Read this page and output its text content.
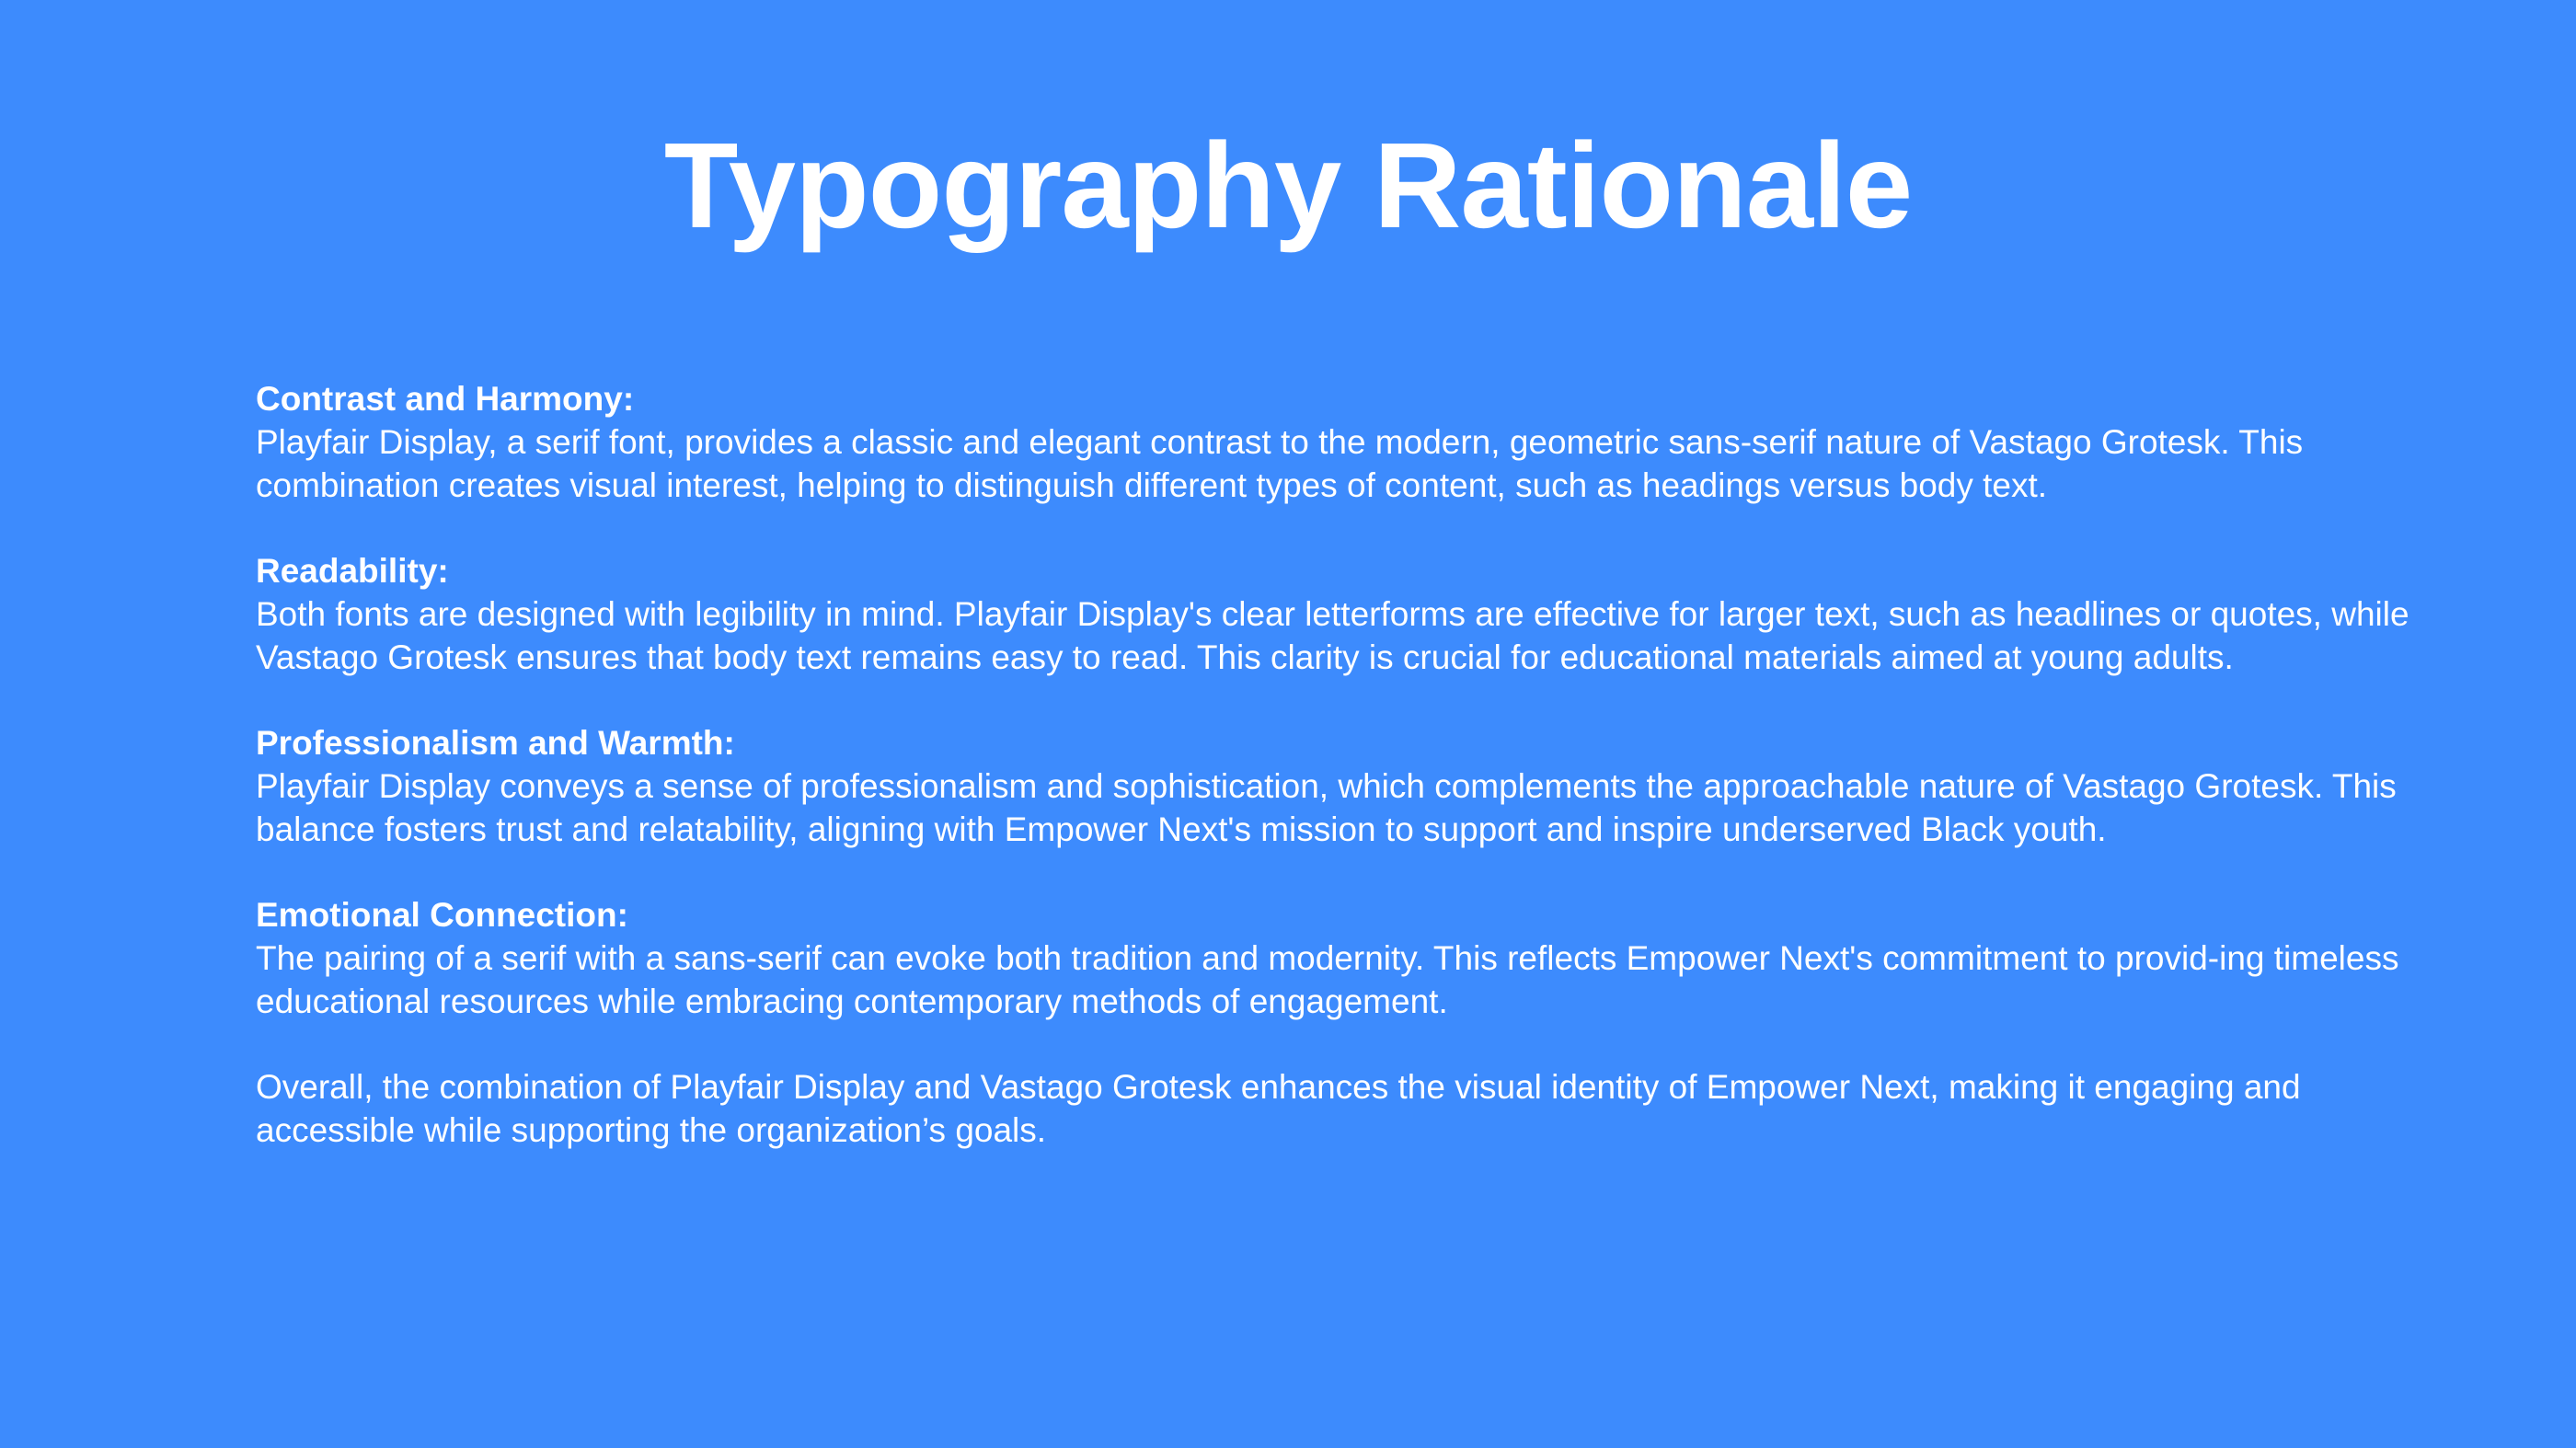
Typography Rationale
Contrast and Harmony:
Playfair Display, a serif font, provides a classic and elegant contrast to the modern, geometric sans-serif nature of Vastago Grotesk. This combination creates visual interest, helping to distinguish different types of content, such as headings versus body text.
Readability:
Both fonts are designed with legibility in mind. Playfair Display's clear letterforms are effective for larger text, such as headlines or quotes, while Vastago Grotesk ensures that body text remains easy to read. This clarity is crucial for educational materials aimed at young adults.
Professionalism and Warmth:
Playfair Display conveys a sense of professionalism and sophistication, which complements the approachable nature of Vastago Grotesk. This balance fosters trust and relatability, aligning with Empower Next's mission to support and inspire underserved Black youth.
Emotional Connection:
The pairing of a serif with a sans-serif can evoke both tradition and modernity. This reflects Empower Next's commitment to provid-ing timeless educational resources while embracing contemporary methods of engagement.

Overall, the combination of Playfair Display and Vastago Grotesk enhances the visual identity of Empower Next, making it engaging and accessible while supporting the organization’s goals.
